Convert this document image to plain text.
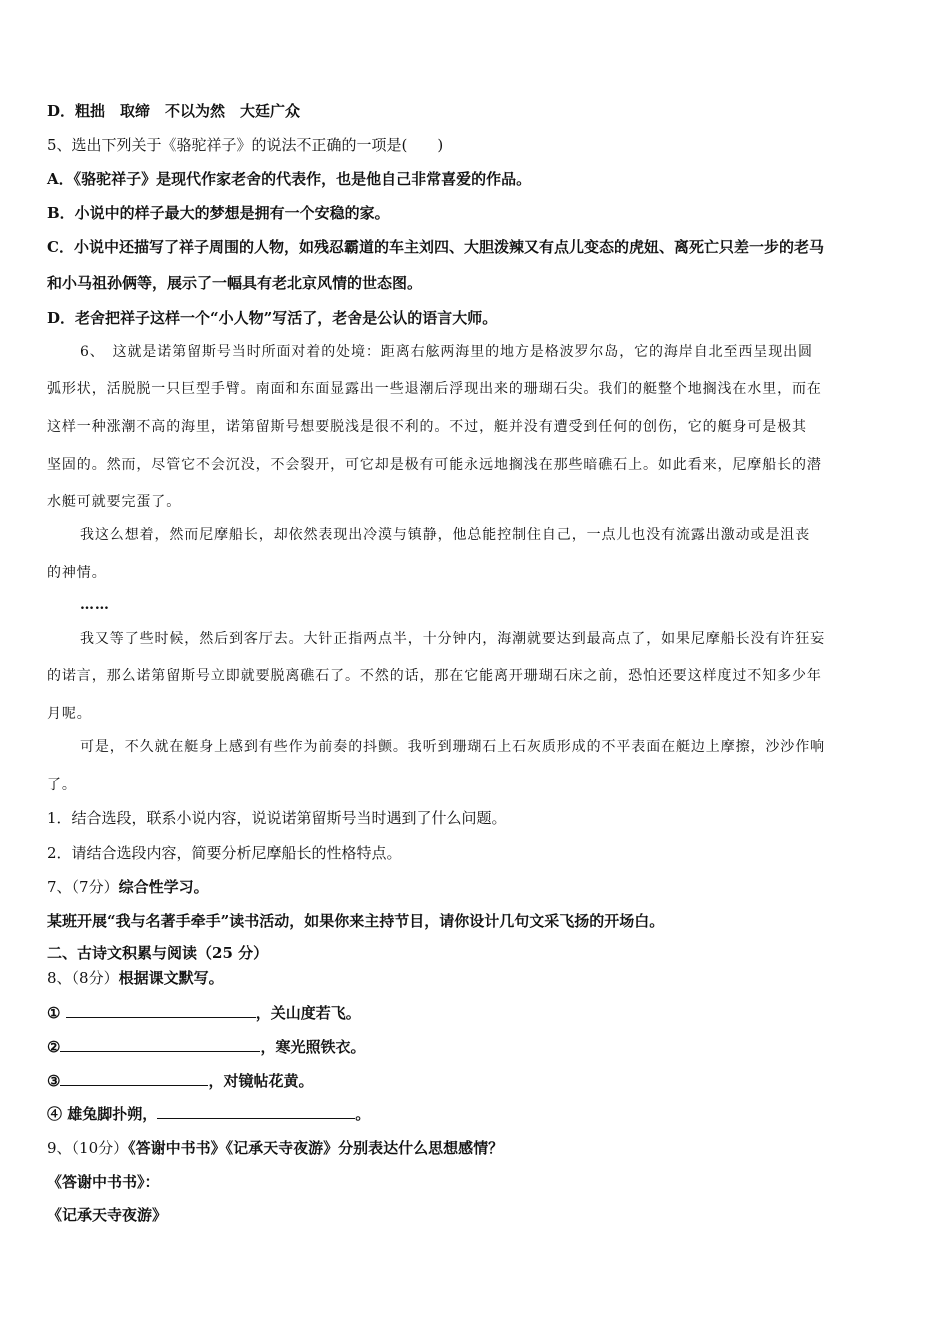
D．粗拙　取缔　不以为然　大廷广众
5、选出下列关于《骆驼祥子》的说法不正确的一项是(　　)
A．《骆驼祥子》是现代作家老舍的代表作，也是他自己非常喜爱的作品。
B．小说中的样子最大的梦想是拥有一个安稳的家。
C．小说中还描写了祥子周围的人物，如残忍霸道的车主刘四、大胆泼辣又有点儿变态的虎妞、离死亡只差一步的老马
和小马祖孙俩等，展示了一幅具有老北京风情的世态图。
D．老舍把祥子这样一个“小人物”写活了，老舍是公认的语言大师。
6、　这就是诺第留斯号当时所面对着的处境：距离右舷两海里的地方是格波罗尔岛，它的海岸自北至西呈现出圆
弧形状，活脱脱一只巨型手臂。南面和东面显露出一些退潮后浮现出来的珊瑚石尖。我们的艇整个地搁浅在水里，而在
这样一种涨潮不高的海里，诺第留斯号想要脱浅是很不利的。不过，艇并没有遭受到任何的创伤，它的艇身可是极其
坚固的。然而，尽管它不会沉没，不会裂开，可它却是极有可能永远地搁浅在那些暗礁石上。如此看来，尼摩船长的潜
水艇可就要完蛋了。
我这么想着，然而尼摩船长，却依然表现出冷漠与镇静，他总能控制住自己，一点儿也没有流露出激动或是沮丧
的神情。
……
我又等了些时候，然后到客厅去。大针正指两点半，十分钟内，海潮就要达到最高点了，如果尼摩船长没有许狂妄
的诺言，那么诺第留斯号立即就要脱离礁石了。不然的话，那在它能离开珊瑚石床之前，恐怕还要这样度过不知多少年
月呢。
可是，不久就在艇身上感到有些作为前奏的抖颤。我听到珊瑚石上石灰质形成的不平表面在艇边上摩擦，沙沙作响
了。
1．结合选段，联系小说内容，说说诺第留斯号当时遇到了什么问题。
2．请结合选段内容，简要分析尼摩船长的性格特点。
7、（7分）综合性学习。
某班开展“我与名著手牵手”读书活动，如果你来主持节目，请你设计几句文采飞扬的开场白。
二、古诗文积累与阅读（25 分）
8、（8分）根据课文默写。
①	，关山度若飞。
②	，寒光照铁衣。
③	，对镜帖花黄。
④ 雄兔脚扑朔，	。
9、（10分）《答谢中书书》《记承天寺夜游》分别表达什么思想感情？
《答谢中书书》：
《记承天寺夜游》
